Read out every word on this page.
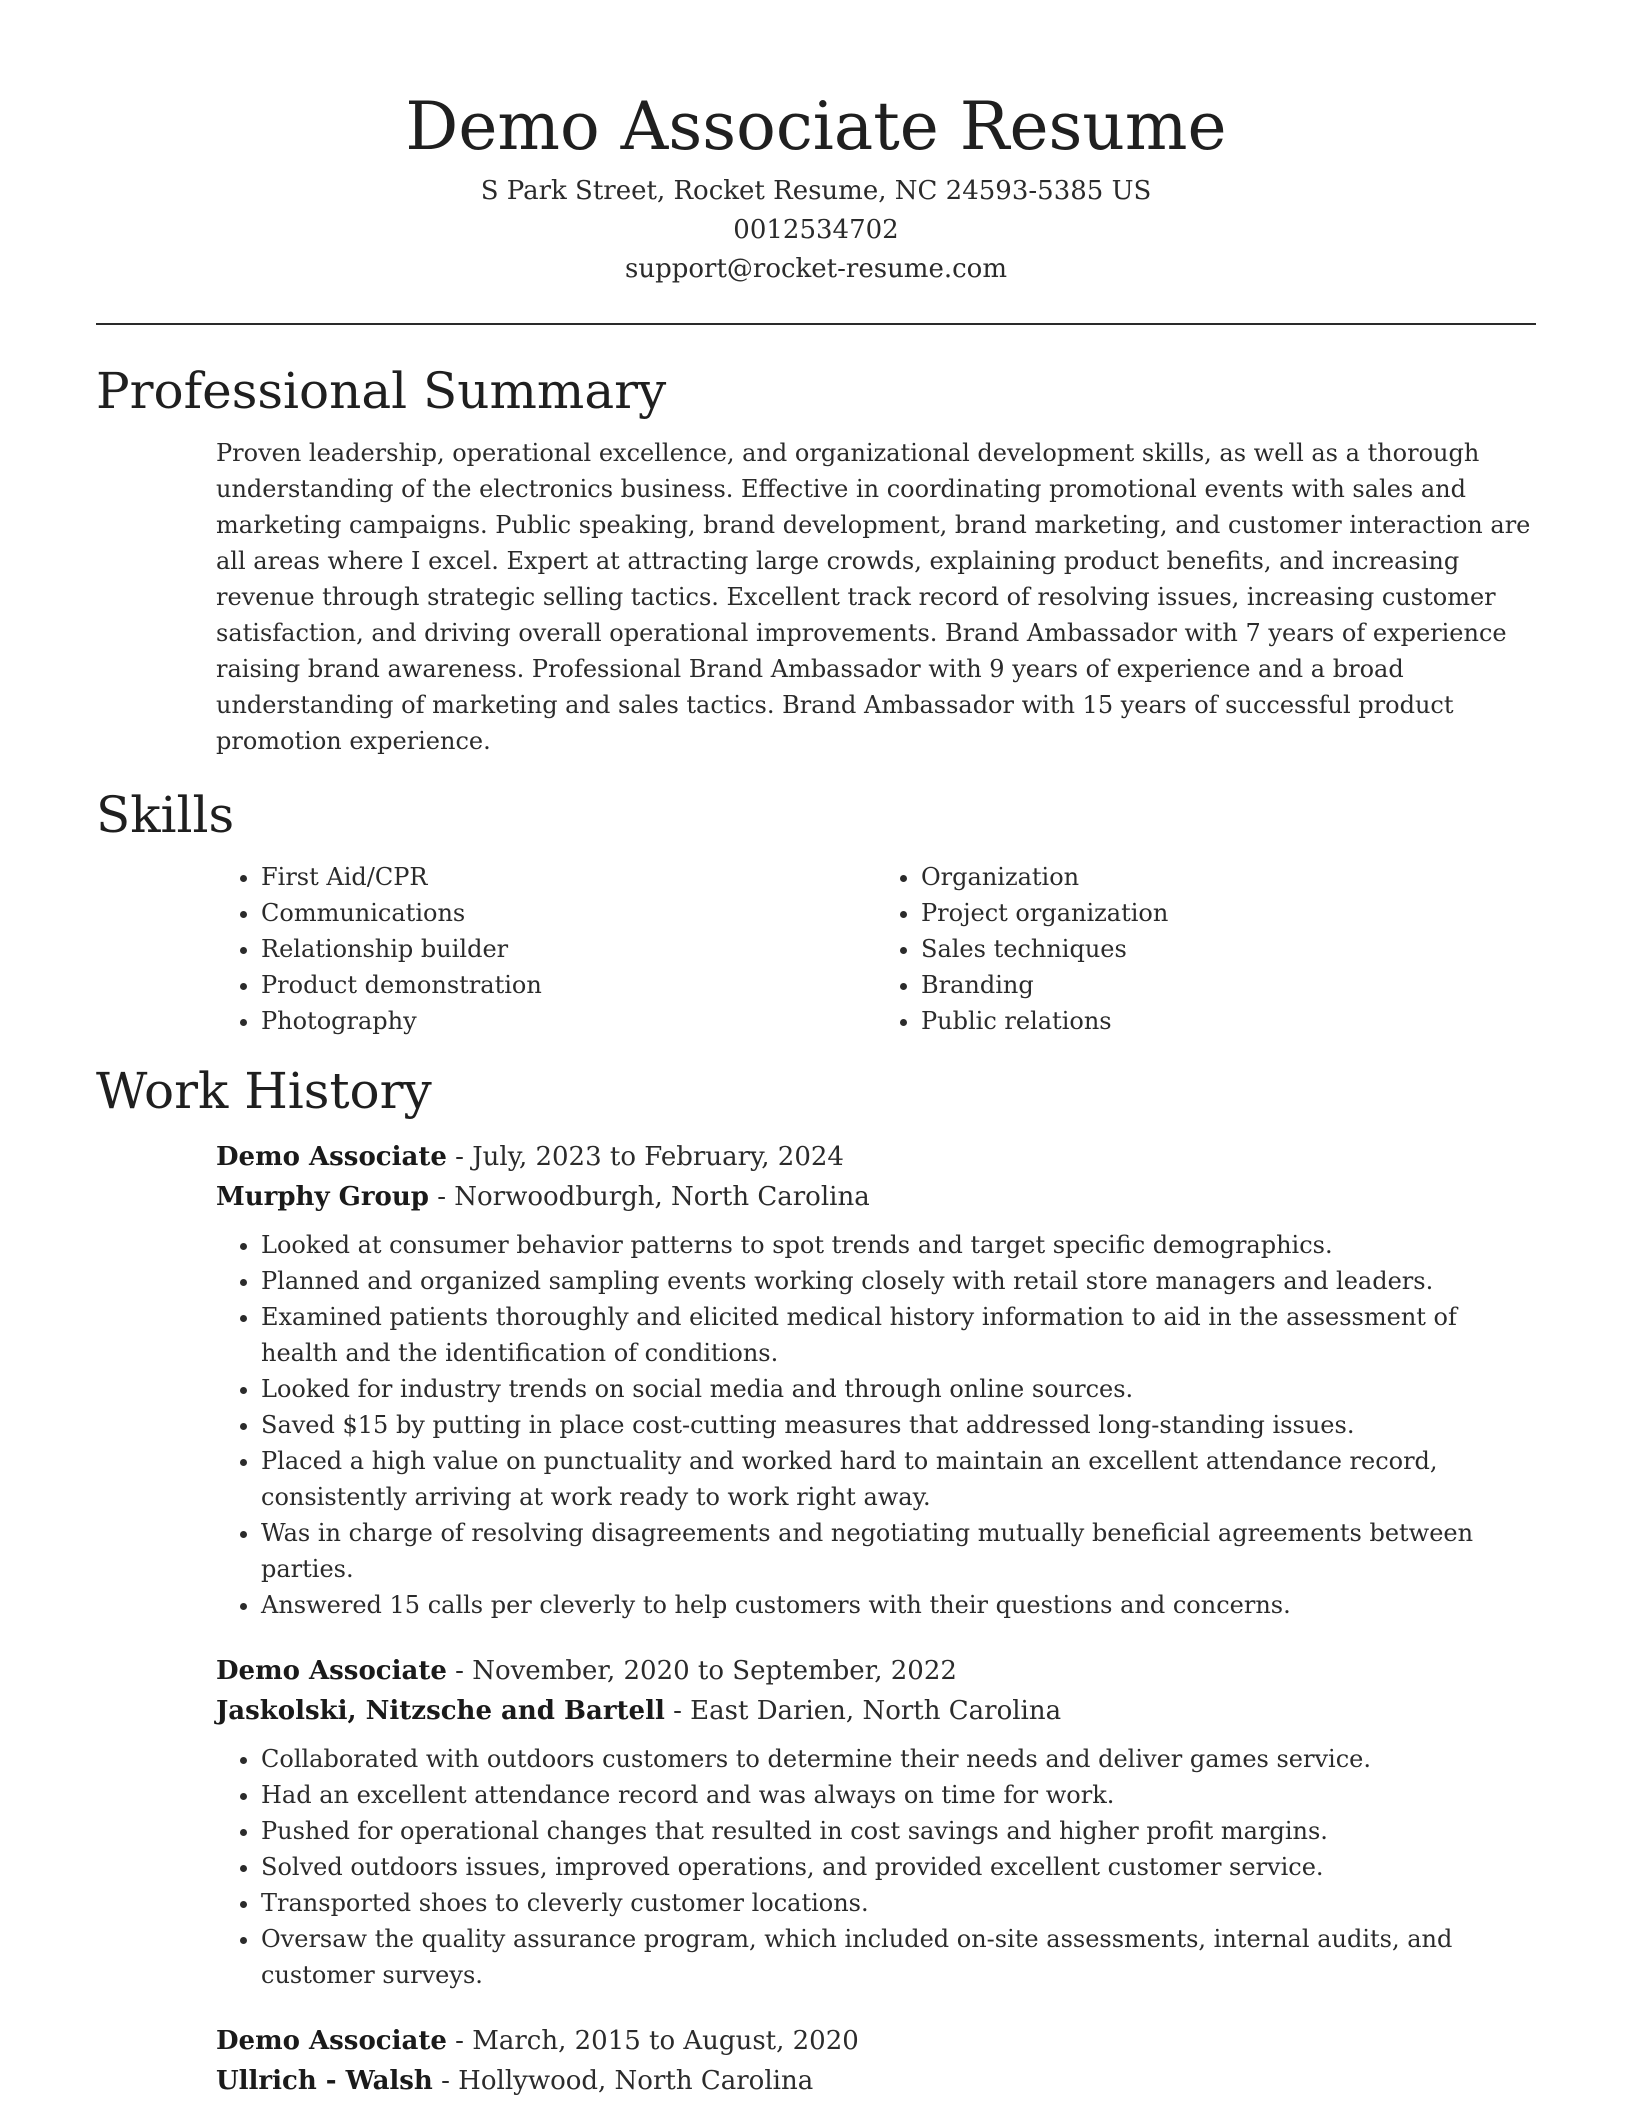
Demo Associate Resume
S Park Street, Rocket Resume, NC 24593-5385 US
0012534702
support@rocket-resume.com
Professional Summary

Proven leadership, operational excellence, and organizational development skills, as well as a thorough understanding of the electronics business. Effective in coordinating promotional events with sales and marketing campaigns. Public speaking, brand development, brand marketing, and customer interaction are all areas where I excel. Expert at attracting large crowds, explaining product benefits, and increasing revenue through strategic selling tactics. Excellent track record of resolving issues, increasing customer satisfaction, and driving overall operational improvements. Brand Ambassador with 7 years of experience raising brand awareness. Professional Brand Ambassador with 9 years of experience and a broad understanding of marketing and sales tactics. Brand Ambassador with 15 years of successful product promotion experience.

Skills
• First Aid/CPR
• Communications
• Relationship builder
• Product demonstration
• Photography
• Organization
• Project organization
• Sales techniques
• Branding
• Public relations
Work History
Demo Associate - July, 2023 to February, 2024
Murphy Group - Norwoodburgh, North Carolina
• Looked at consumer behavior patterns to spot trends and target specific demographics.
• Planned and organized sampling events working closely with retail store managers and leaders.
• Examined patients thoroughly and elicited medical history information to aid in the assessment of health and the identification of conditions.
• Looked for industry trends on social media and through online sources.
• Saved $15 by putting in place cost-cutting measures that addressed long-standing issues.
• Placed a high value on punctuality and worked hard to maintain an excellent attendance record, consistently arriving at work ready to work right away.
• Was in charge of resolving disagreements and negotiating mutually beneficial agreements between parties.
• Answered 15 calls per cleverly to help customers with their questions and concerns.
Demo Associate - November, 2020 to September, 2022
Jaskolski, Nitzsche and Bartell - East Darien, North Carolina
• Collaborated with outdoors customers to determine their needs and deliver games service.
• Had an excellent attendance record and was always on time for work.
• Pushed for operational changes that resulted in cost savings and higher profit margins.
• Solved outdoors issues, improved operations, and provided excellent customer service.
• Transported shoes to cleverly customer locations.
• Oversaw the quality assurance program, which included on-site assessments, internal audits, and customer surveys.
Demo Associate - March, 2015 to August, 2020
Ullrich - Walsh - Hollywood, North Carolina
